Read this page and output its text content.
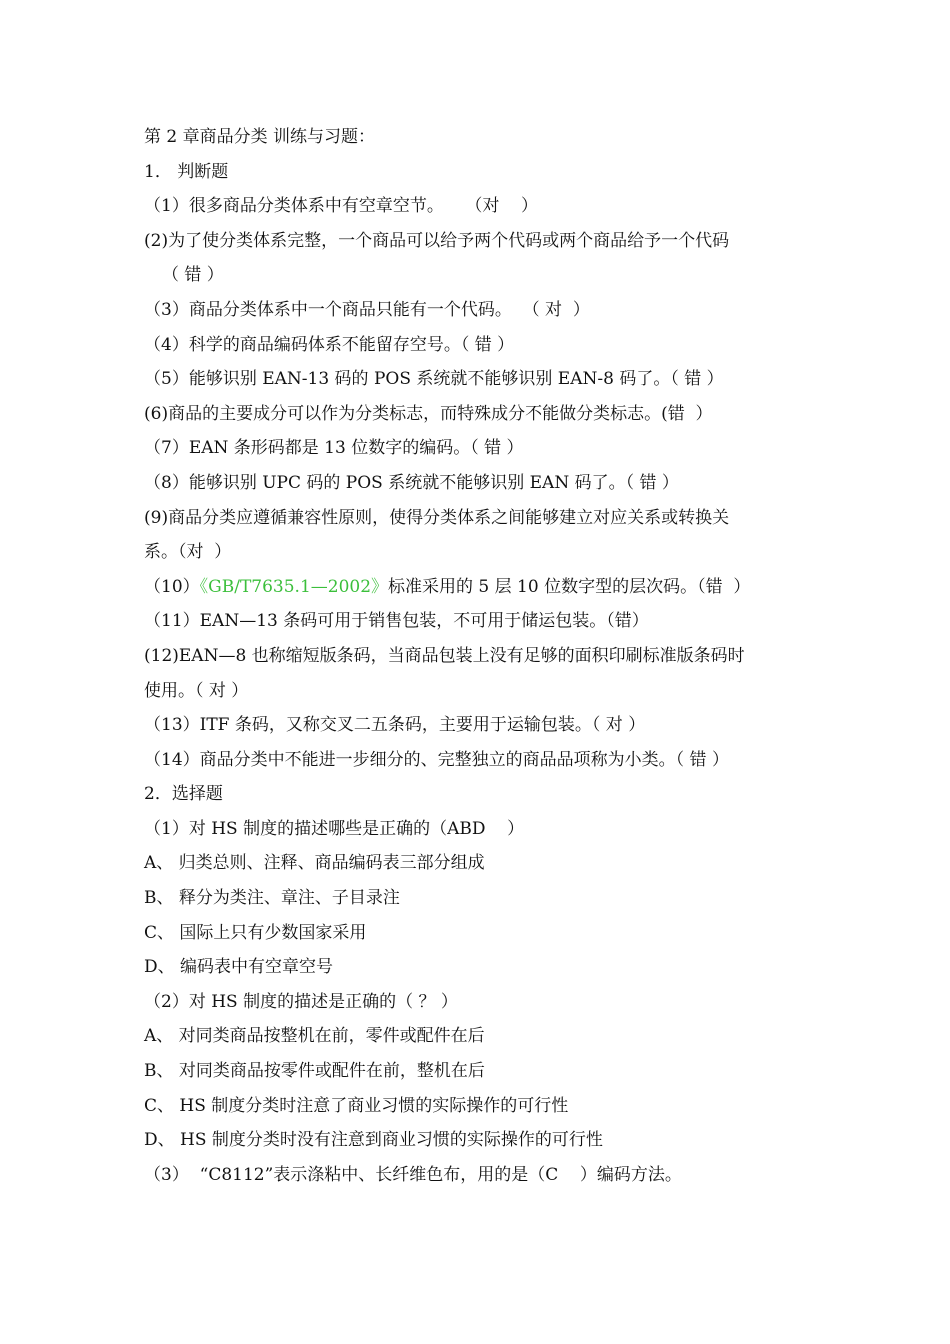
第 2 章商品分类 训练与习题：
1． 判断题
（1）很多商品分类体系中有空章空节。    （对    ）
(2)为了使分类体系完整，一个商品可以给予两个代码或两个商品给予一个代码
（ 错 ）
（3）商品分类体系中一个商品只能有一个代码。  （ 对  ）
（4）科学的商品编码体系不能留存空号。（ 错 ）
（5）能够识别 EAN-13 码的 POS 系统就不能够识别 EAN-8 码了。（ 错 ）
(6)商品的主要成分可以作为分类标志，而特殊成分不能做分类标志。(错  ）
（7）EAN 条形码都是 13 位数字的编码。（ 错 ）
（8）能够识别 UPC 码的 POS 系统就不能够识别 EAN 码了。（ 错 ）
(9)商品分类应遵循兼容性原则，使得分类体系之间能够建立对应关系或转换关
系。（对  ）
（10）《GB/T7635.1—2002》标准采用的 5 层 10 位数字型的层次码。（错  ）
（11）EAN—13 条码可用于销售包装，不可用于储运包装。（错）
(12)EAN—8 也称缩短版条码，当商品包装上没有足够的面积印刷标准版条码时
使用。（ 对 ）
（13）ITF 条码，又称交叉二五条码，主要用于运输包装。（ 对 ）
（14）商品分类中不能进一步细分的、完整独立的商品品项称为小类。（ 错 ）
2．选择题
（1）对 HS 制度的描述哪些是正确的（ABD    ）
A、 归类总则、注释、商品编码表三部分组成
B、 释分为类注、章注、子目录注
C、 国际上只有少数国家采用
D、 编码表中有空章空号
（2）对 HS 制度的描述是正确的（ ？ ）
A、 对同类商品按整机在前，零件或配件在后
B、 对同类商品按零件或配件在前，整机在后
C、 HS 制度分类时注意了商业习惯的实际操作的可行性
D、 HS 制度分类时没有注意到商业习惯的实际操作的可行性
（3）  “C8112”表示涤粘中、长纤维色布，用的是（C    ）编码方法。
